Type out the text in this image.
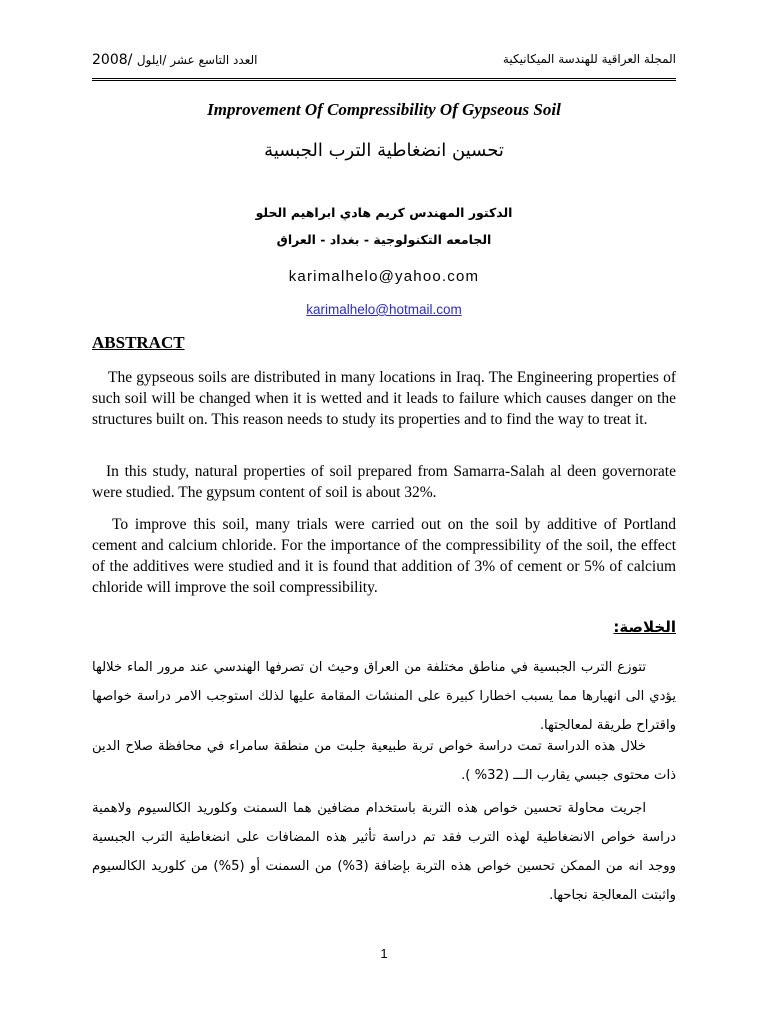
2008/ العدد التاسع عشر /ايلول	المجلة العراقية للهندسة الميكانيكية
Improvement Of Compressibility Of Gypseous Soil
تحسين انضغاطية الترب الجبسية
الدكتور المهندس كريم هادي ابراهيم الحلو
الجامعه التكنولوجية - بغداد - العراق
karimalhelo@yahoo.com
karimalhelo@hotmail.com
ABSTRACT

The gypseous soils are distributed in many locations in Iraq. The Engineering properties of such soil will be changed when it is wetted and it leads to failure which causes danger on the structures built on. This reason needs to study its properties and to find the way to treat it.

In this study, natural properties of soil prepared from Samarra-Salah al deen governorate were studied. The gypsum content of soil is about 32%.

To improve this soil, many trials were carried out on the soil by additive of Portland cement and calcium chloride. For the importance of the compressibility of the soil, the effect of the additives were studied and it is found that addition of 3% of cement or 5% of calcium chloride will improve the soil compressibility.

الخلاصة:

تتوزع الترب الجبسية في مناطق مختلفة من العراق وحيث ان تصرفها الهندسي عند مرور الماء خلالها يؤدي الى انهيارها مما يسبب اخطارا كبيرة على المنشات المقامة عليها لذلك استوجب الامر دراسة خواصها واقتراح طريقة لمعالجتها.

خلال هذه الدراسة تمت دراسة خواص تربة طبيعية جلبت من منطقة سامراء في محافظة صلاح الدين ذات محتوى جبسي يقارب الـــ (32% ).

اجريت محاولة تحسين خواص هذه التربة باستخدام مضافين هما السمنت وكلوريد الكالسيوم ولاهمية دراسة خواص الانضغاطية لهذه الترب فقد تم دراسة تأثير هذه المضافات على انضغاطية الترب الجبسية ووجد انه من الممكن تحسين خواص هذه التربة بإضافة (3%) من السمنت أو (5%) من كلوريد الكالسيوم واثبتت المعالجة نجاحها.

1
